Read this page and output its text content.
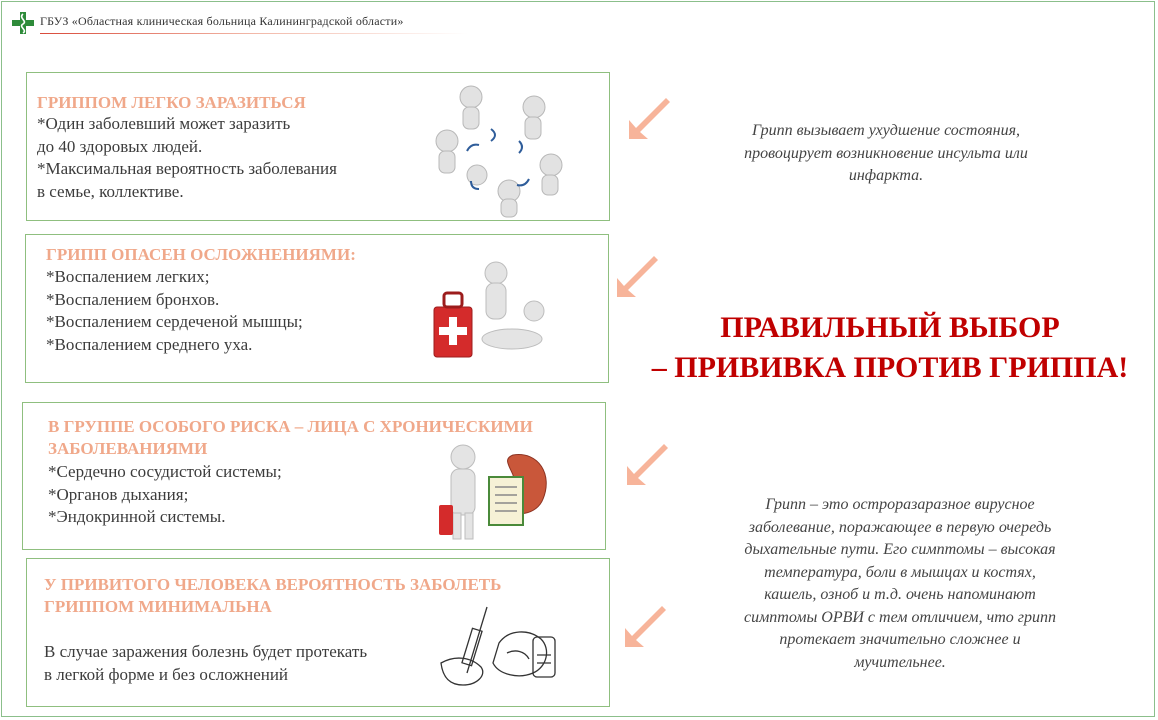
ГБУЗ «Областная клиническая больница Калининградской области»
ГРИППОМ ЛЕГКО ЗАРАЗИТЬСЯ
*Один заболевший может заразить
до 40 здоровых людей.
*Максимальная вероятность заболевания
в семье, коллективе.
ГРИПП ОПАСЕН ОСЛОЖНЕНИЯМИ:
*Воспалением легких;
*Воспалением бронхов.
*Воспалением сердеченой мышцы;
*Воспалением среднего уха.
В ГРУППЕ ОСОБОГО РИСКА – ЛИЦА С ХРОНИЧЕСКИМИ
ЗАБОЛЕВАНИЯМИ
*Сердечно сосудистой системы;
*Органов дыхания;
*Эндокринной системы.
У ПРИВИТОГО ЧЕЛОВЕКА ВЕРОЯТНОСТЬ ЗАБОЛЕТЬ
ГРИППОМ МИНИМАЛЬНА
В случае заражения болезнь будет протекать
в легкой форме и без осложнений
Грипп вызывает ухудшение состояния,
провоцирует возникновение инсульта или
инфаркта.
ПРАВИЛЬНЫЙ ВЫБОР
– ПРИВИВКА ПРОТИВ ГРИППА!
Грипп – это остроразаразное вирусное
заболевание, поражающее в первую очередь
дыхательные пути. Его симптомы – высокая
температура, боли в мышцах и костях,
кашель, озноб и т.д. очень напоминают
симптомы ОРВИ с тем отличием, что грипп
протекает значительно сложнее и
мучительнее.
